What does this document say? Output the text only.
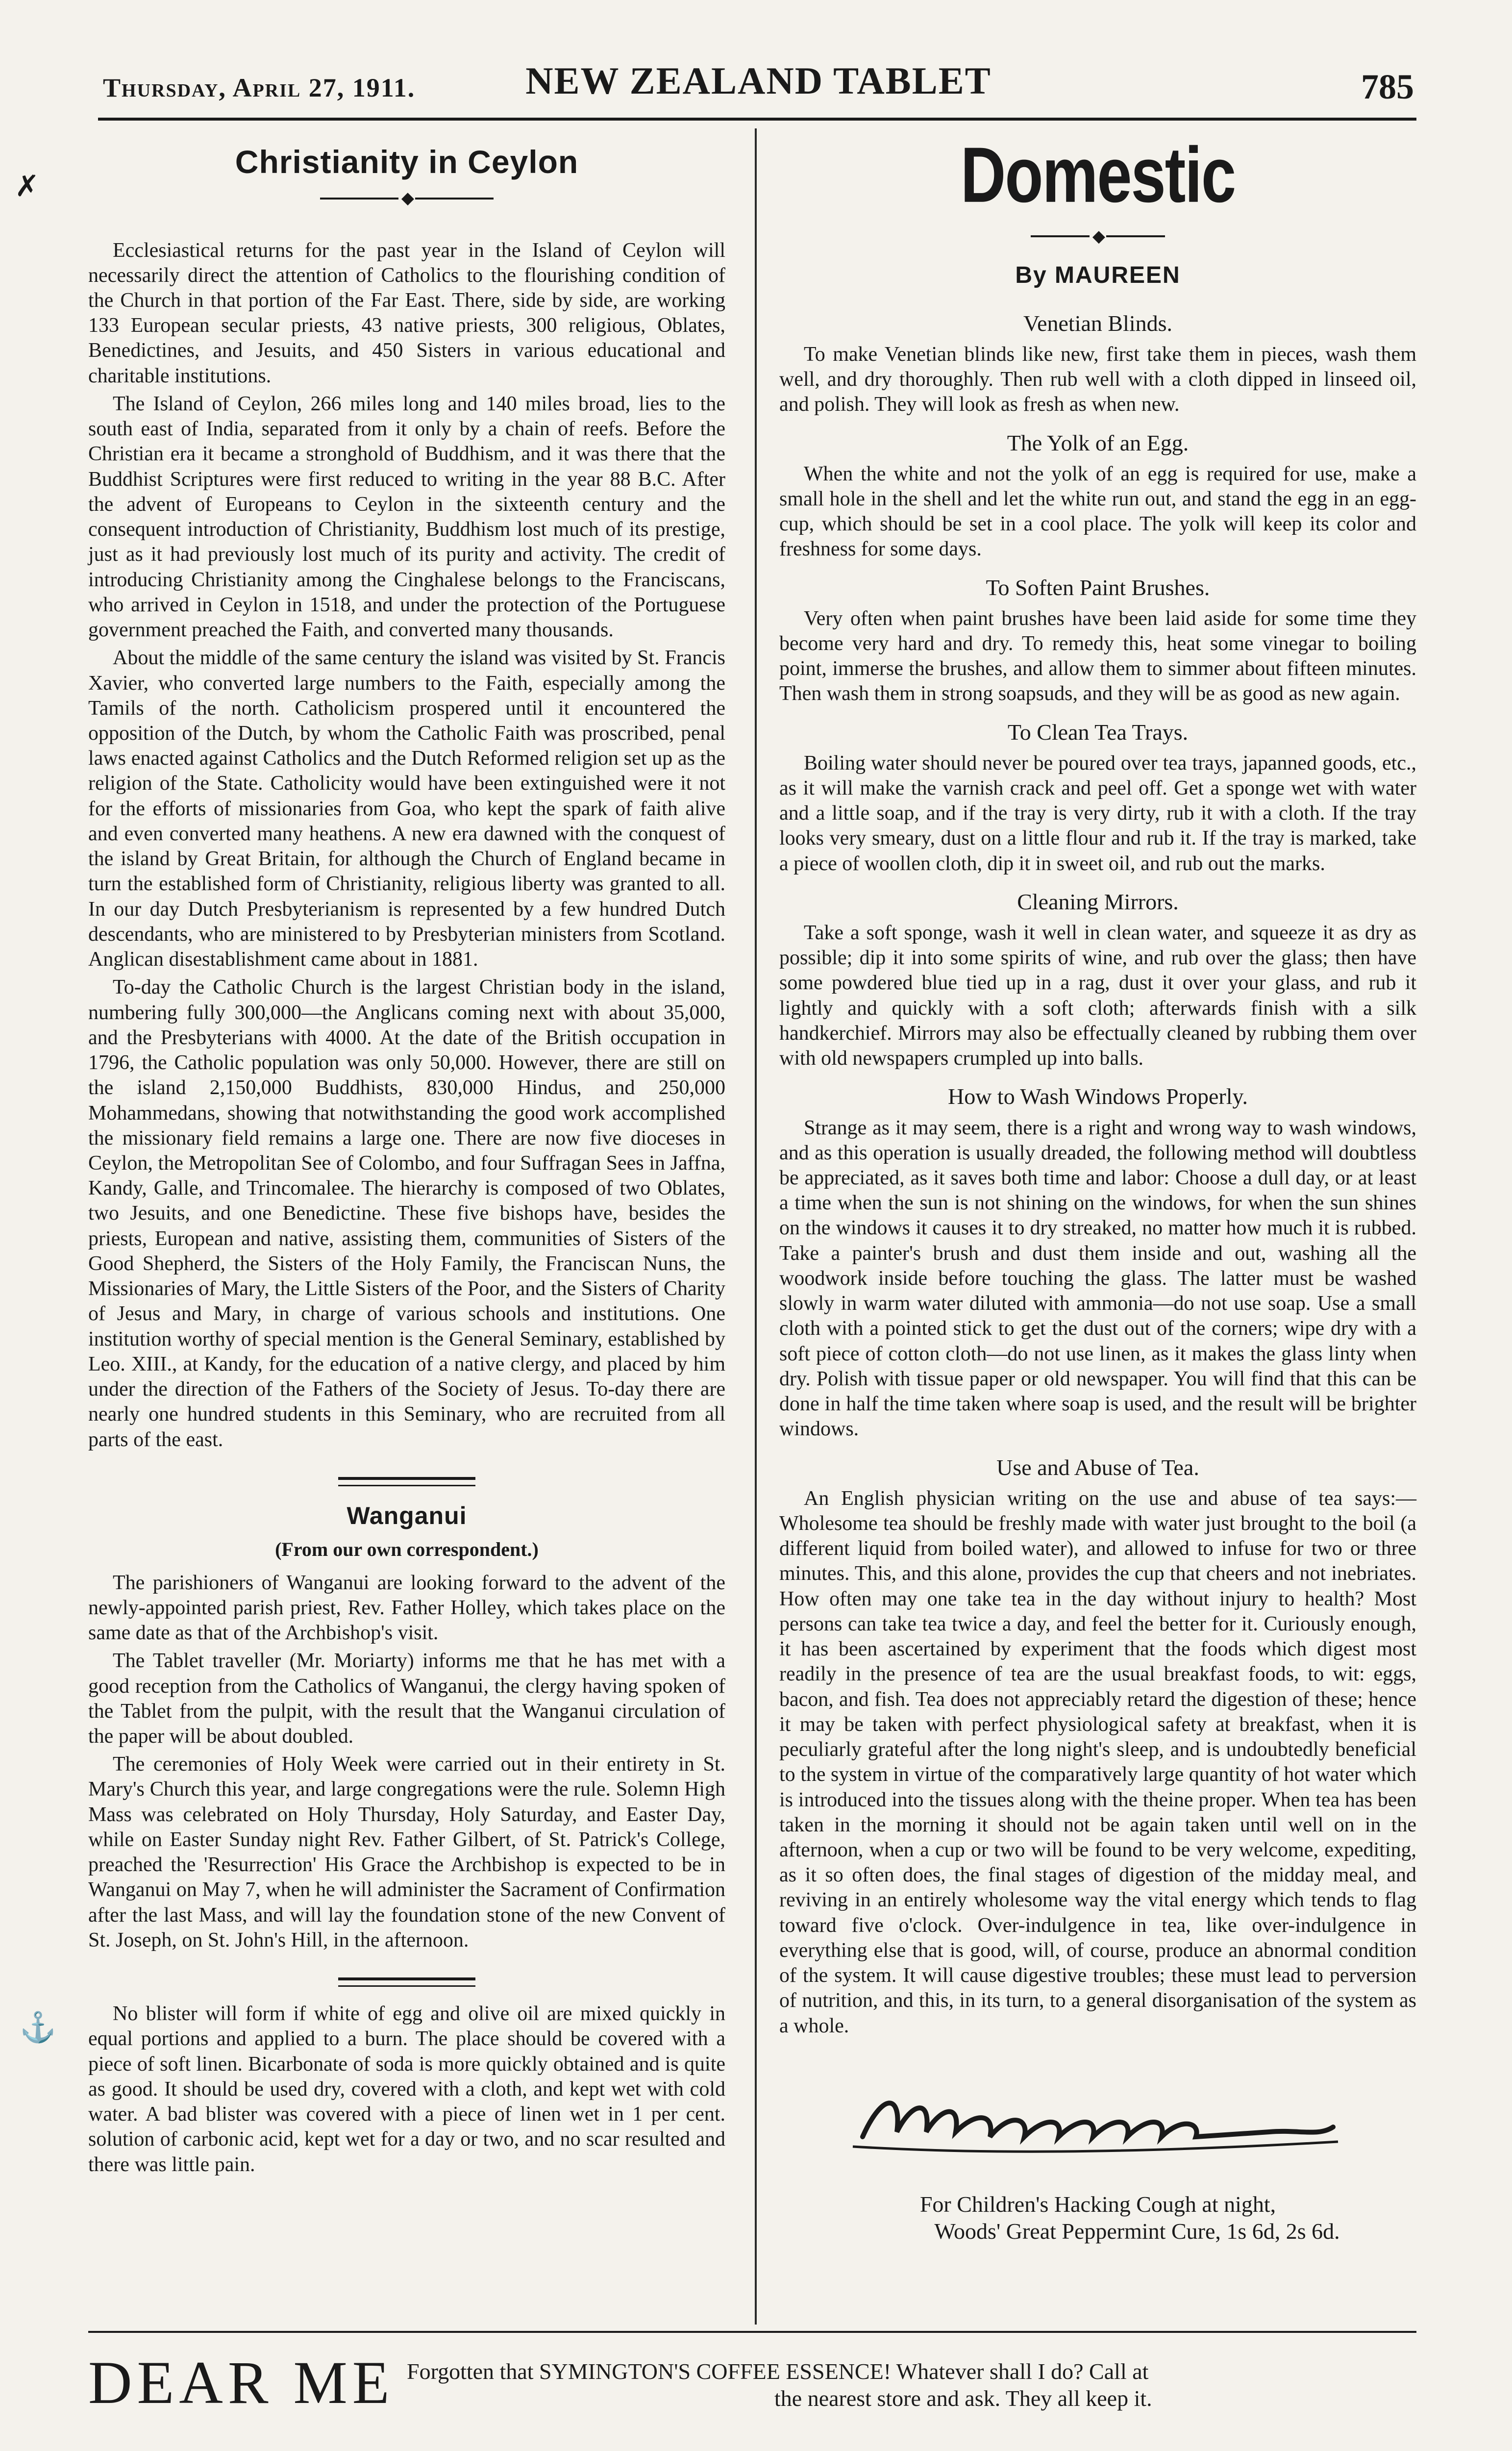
Thursday, April 27, 1911.	NEW ZEALAND TABLET	785
✗
⚓
Christianity in Ceylon
◆

Ecclesiastical returns for the past year in the Island of Ceylon will necessarily direct the attention of Catholics to the flourishing condition of the Church in that portion of the Far East. There, side by side, are working 133 European secular priests, 43 native priests, 300 religious, Oblates, Benedictines, and Jesuits, and 450 Sisters in various educational and charitable institutions.

The Island of Ceylon, 266 miles long and 140 miles broad, lies to the south east of India, separated from it only by a chain of reefs. Before the Christian era it became a stronghold of Buddhism, and it was there that the Buddhist Scriptures were first reduced to writing in the year 88 B.C. After the advent of Europeans to Ceylon in the sixteenth century and the consequent introduction of Christianity, Buddhism lost much of its prestige, just as it had previously lost much of its purity and activity. The credit of introducing Christianity among the Cinghalese belongs to the Franciscans, who arrived in Ceylon in 1518, and under the protection of the Portuguese government preached the Faith, and converted many thousands.

About the middle of the same century the island was visited by St. Francis Xavier, who converted large numbers to the Faith, especially among the Tamils of the north. Catholicism prospered until it encountered the opposition of the Dutch, by whom the Catholic Faith was proscribed, penal laws enacted against Catholics and the Dutch Reformed religion set up as the religion of the State. Catholicity would have been extinguished were it not for the efforts of missionaries from Goa, who kept the spark of faith alive and even converted many heathens. A new era dawned with the conquest of the island by Great Britain, for although the Church of England became in turn the established form of Christianity, religious liberty was granted to all. In our day Dutch Presbyterianism is represented by a few hundred Dutch descendants, who are ministered to by Presbyterian ministers from Scotland. Anglican disestablishment came about in 1881.

To-day the Catholic Church is the largest Christian body in the island, numbering fully 300,000—the Anglicans coming next with about 35,000, and the Presbyterians with 4000. At the date of the British occupation in 1796, the Catholic population was only 50,000. However, there are still on the island 2,150,000 Buddhists, 830,000 Hindus, and 250,000 Mohammedans, showing that notwithstanding the good work accomplished the missionary field remains a large one. There are now five dioceses in Ceylon, the Metropolitan See of Colombo, and four Suffragan Sees in Jaffna, Kandy, Galle, and Trincomalee. The hierarchy is composed of two Oblates, two Jesuits, and one Benedictine. These five bishops have, besides the priests, European and native, assisting them, communities of Sisters of the Good Shepherd, the Sisters of the Holy Family, the Franciscan Nuns, the Missionaries of Mary, the Little Sisters of the Poor, and the Sisters of Charity of Jesus and Mary, in charge of various schools and institutions. One institution worthy of special mention is the General Seminary, established by Leo. XIII., at Kandy, for the education of a native clergy, and placed by him under the direction of the Fathers of the Society of Jesus. To-day there are nearly one hundred students in this Seminary, who are recruited from all parts of the east.

Wanganui
(From our own correspondent.)

The parishioners of Wanganui are looking forward to the advent of the newly-appointed parish priest, Rev. Father Holley, which takes place on the same date as that of the Archbishop's visit.

The Tablet traveller (Mr. Moriarty) informs me that he has met with a good reception from the Catholics of Wanganui, the clergy having spoken of the Tablet from the pulpit, with the result that the Wanganui circulation of the paper will be about doubled.

The ceremonies of Holy Week were carried out in their entirety in St. Mary's Church this year, and large congregations were the rule. Solemn High Mass was celebrated on Holy Thursday, Holy Saturday, and Easter Day, while on Easter Sunday night Rev. Father Gilbert, of St. Patrick's College, preached the 'Resurrection' His Grace the Archbishop is expected to be in Wanganui on May 7, when he will administer the Sacrament of Confirmation after the last Mass, and will lay the foundation stone of the new Convent of St. Joseph, on St. John's Hill, in the afternoon.

No blister will form if white of egg and olive oil are mixed quickly in equal portions and applied to a burn. The place should be covered with a piece of soft linen. Bicarbonate of soda is more quickly obtained and is quite as good. It should be used dry, covered with a cloth, and kept wet with cold water. A bad blister was covered with a piece of linen wet in 1 per cent. solution of carbonic acid, kept wet for a day or two, and no scar resulted and there was little pain.

Domestic
◆
By MAUREEN
Venetian Blinds.

To make Venetian blinds like new, first take them in pieces, wash them well, and dry thoroughly. Then rub well with a cloth dipped in linseed oil, and polish. They will look as fresh as when new.

The Yolk of an Egg.

When the white and not the yolk of an egg is required for use, make a small hole in the shell and let the white run out, and stand the egg in an egg-cup, which should be set in a cool place. The yolk will keep its color and freshness for some days.

To Soften Paint Brushes.

Very often when paint brushes have been laid aside for some time they become very hard and dry. To remedy this, heat some vinegar to boiling point, immerse the brushes, and allow them to simmer about fifteen minutes. Then wash them in strong soapsuds, and they will be as good as new again.

To Clean Tea Trays.

Boiling water should never be poured over tea trays, japanned goods, etc., as it will make the varnish crack and peel off. Get a sponge wet with water and a little soap, and if the tray is very dirty, rub it with a cloth. If the tray looks very smeary, dust on a little flour and rub it. If the tray is marked, take a piece of woollen cloth, dip it in sweet oil, and rub out the marks.

Cleaning Mirrors.

Take a soft sponge, wash it well in clean water, and squeeze it as dry as possible; dip it into some spirits of wine, and rub over the glass; then have some powdered blue tied up in a rag, dust it over your glass, and rub it lightly and quickly with a soft cloth; afterwards finish with a silk handkerchief. Mirrors may also be effectually cleaned by rubbing them over with old newspapers crumpled up into balls.

How to Wash Windows Properly.

Strange as it may seem, there is a right and wrong way to wash windows, and as this operation is usually dreaded, the following method will doubtless be appreciated, as it saves both time and labor: Choose a dull day, or at least a time when the sun is not shining on the windows, for when the sun shines on the windows it causes it to dry streaked, no matter how much it is rubbed. Take a painter's brush and dust them inside and out, washing all the woodwork inside before touching the glass. The latter must be washed slowly in warm water diluted with ammonia—do not use soap. Use a small cloth with a pointed stick to get the dust out of the corners; wipe dry with a soft piece of cotton cloth—do not use linen, as it makes the glass linty when dry. Polish with tissue paper or old newspaper. You will find that this can be done in half the time taken where soap is used, and the result will be brighter windows.

Use and Abuse of Tea.

An English physician writing on the use and abuse of tea says:—Wholesome tea should be freshly made with water just brought to the boil (a different liquid from boiled water), and allowed to infuse for two or three minutes. This, and this alone, provides the cup that cheers and not inebriates. How often may one take tea in the day without injury to health? Most persons can take tea twice a day, and feel the better for it. Curiously enough, it has been ascertained by experiment that the foods which digest most readily in the presence of tea are the usual breakfast foods, to wit: eggs, bacon, and fish. Tea does not appreciably retard the digestion of these; hence it may be taken with perfect physiological safety at breakfast, when it is peculiarly grateful after the long night's sleep, and is undoubtedly beneficial to the system in virtue of the comparatively large quantity of hot water which is introduced into the tissues along with the theine proper. When tea has been taken in the morning it should not be again taken until well on in the afternoon, when a cup or two will be found to be very welcome, expediting, as it so often does, the final stages of digestion of the midday meal, and reviving in an entirely wholesome way the vital energy which tends to flag toward five o'clock. Over-indulgence in tea, like over-indulgence in everything else that is good, will, of course, produce an abnormal condition of the system. It will cause digestive troubles; these must lead to perversion of nutrition, and this, in its turn, to a general disorganisation of the system as a whole.

For Children's Hacking Cough at night,
Woods' Great Peppermint Cure, 1s 6d, 2s 6d.
DEAR ME Forgotten that SYMINGTON'S COFFEE ESSENCE! Whatever shall I do? Call at
the nearest store and ask. They all keep it.
